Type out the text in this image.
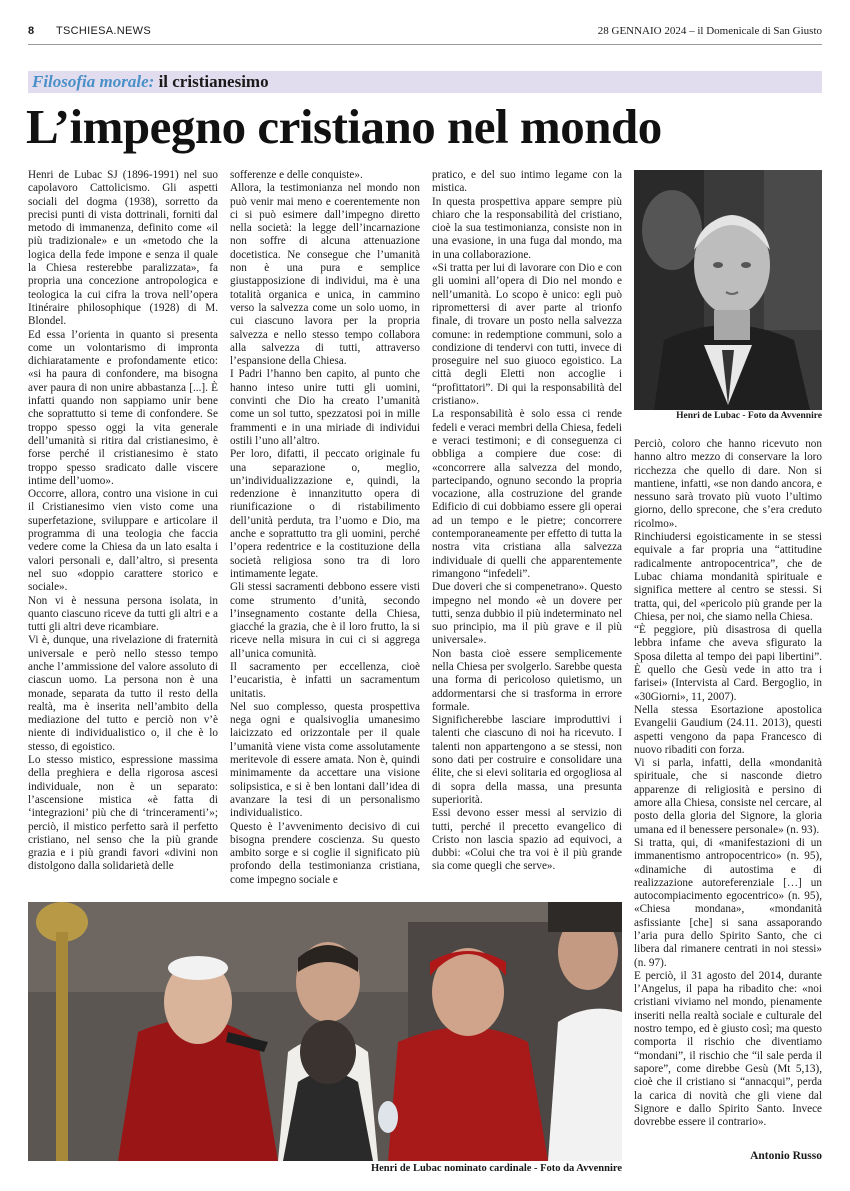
8 TSCHIESA.NEWS	28 GENNAIO 2024 – il Domenicale di San Giusto
Filosofia morale: il cristianesimo
L’impegno cristiano nel mondo

Henri de Lubac SJ (1896-1991) nel suo capolavoro Cattolicismo. Gli aspetti sociali del dogma (1938), sorretto da precisi punti di vista dottrinali, forniti dal metodo di immanenza, definito come «il più tradizionale» e un «metodo che la logica della fede impone e senza il quale la Chiesa resterebbe paralizzata», fa propria una concezione antropologica e teologica la cui cifra la trova nell’opera Itinéraire philosophique (1928) di M. Blondel.

Ed essa l’orienta in quanto si presenta come un volontarismo di impronta dichiaratamente e profondamente etico: «si ha paura di confondere, ma bisogna aver paura di non unire abbastanza [...]. È infatti quando non sappiamo unir bene che soprattutto si teme di confondere. Se troppo spesso oggi la vita generale dell’umanità si ritira dal cristianesimo, è forse perché il cristianesimo è stato troppo spesso sradicato dalle viscere intime dell’uomo».

Occorre, allora, contro una visione in cui il Cristianesimo vien visto come una superfetazione, sviluppare e articolare il programma di una teologia che faccia vedere come la Chiesa da un lato esalta i valori personali e, dall’altro, si presenta nel suo «doppio carattere storico e sociale».

Non vi è nessuna persona isolata, in quanto ciascuno riceve da tutti gli altri e a tutti gli altri deve ricambiare.

Vi è, dunque, una rivelazione di fraternità universale e però nello stesso tempo anche l’ammissione del valore assoluto di ciascun uomo. La persona non è una monade, separata da tutto il resto della realtà, ma è inserita nell’ambito della mediazione del tutto e perciò non v’è niente di individualistico o, il che è lo stesso, di egoistico.

Lo stesso mistico, espressione massima della preghiera e della rigorosa ascesi individuale, non è un separato: l’ascensione mistica «è fatta di ‘integrazioni’ più che di ‘trinceramenti’»; perciò, il mistico perfetto sarà il perfetto cristiano, nel senso che la più grande grazia e i più grandi favori «divini non distolgono dalla solidarietà delle

sofferenze e delle conquiste».

Allora, la testimonianza nel mondo non può venir mai meno e coerentemente non ci si può esimere dall’impegno diretto nella società: la legge dell’incarnazione non soffre di alcuna attenuazione docetistica. Ne consegue che l’umanità non è una pura e semplice giustapposizione di individui, ma è una totalità organica e unica, in cammino verso la salvezza come un solo uomo, in cui ciascuno lavora per la propria salvezza e nello stesso tempo collabora alla salvezza di tutti, attraverso l’espansione della Chiesa.

I Padri l’hanno ben capito, al punto che hanno inteso unire tutti gli uomini, convinti che Dio ha creato l’umanità come un sol tutto, spezzatosi poi in mille frammenti e in una miriade di individui ostili l’uno all’altro.

Per loro, difatti, il peccato originale fu una separazione o, meglio, un’individualizzazione e, quindi, la redenzione è innanzitutto opera di riunificazione o di ristabilimento dell’unità perduta, tra l’uomo e Dio, ma anche e soprattutto tra gli uomini, perché l’opera redentrice e la costituzione della società religiosa sono tra di loro intimamente legate.

Gli stessi sacramenti debbono essere visti come strumento d’unità, secondo l’insegnamento costante della Chiesa, giacché la grazia, che è il loro frutto, la si riceve nella misura in cui ci si aggrega all’unica comunità.

Il sacramento per eccellenza, cioè l’eucaristia, è infatti un sacramentum unitatis.

Nel suo complesso, questa prospettiva nega ogni e qualsivoglia umanesimo laicizzato ed orizzontale per il quale l’umanità viene vista come assolutamente meritevole di essere amata. Non è, quindi minimamente da accettare una visione solipsistica, e si è ben lontani dall’idea di avanzare la tesi di un personalismo individualistico.

Questo è l’avvenimento decisivo di cui bisogna prendere coscienza. Su questo ambito sorge e si coglie il significato più profondo della testimonianza cristiana, come impegno sociale e

pratico, e del suo intimo legame con la mistica.

In questa prospettiva appare sempre più chiaro che la responsabilità del cristiano, cioè la sua testimonianza, consiste non in una evasione, in una fuga dal mondo, ma in una collaborazione.

«Si tratta per lui di lavorare con Dio e con gli uomini all’opera di Dio nel mondo e nell’umanità. Lo scopo è unico: egli può ripromettersi di aver parte al trionfo finale, di trovare un posto nella salvezza comune: in redemptione communi, solo a condizione di tendervi con tutti, invece di proseguire nel suo giuoco egoistico. La città degli Eletti non accoglie i “profittatori”. Di qui la responsabilità del cristiano».

La responsabilità è solo essa ci rende fedeli e veraci membri della Chiesa, fedeli e veraci testimoni; e di conseguenza ci obbliga a compiere due cose: di «concorrere alla salvezza del mondo, partecipando, ognuno secondo la propria vocazione, alla costruzione del grande Edificio di cui dobbiamo essere gli operai ad un tempo e le pietre; concorrere contemporaneamente per effetto di tutta la nostra vita cristiana alla salvezza individuale di quelli che apparentemente rimangono “infedeli”.

Due doveri che si compenetrano». Questo impegno nel mondo «è un dovere per tutti, senza dubbio il più indeterminato nel suo principio, ma il più grave e il più universale».

Non basta cioè essere semplicemente nella Chiesa per svolgerlo. Sarebbe questa una forma di pericoloso quietismo, un addormentarsi che si trasforma in errore formale.

Significherebbe lasciare improduttivi i talenti che ciascuno di noi ha ricevuto. I talenti non appartengono a se stessi, non sono dati per costruire e consolidare una élite, che si elevi solitaria ed orgogliosa al di sopra della massa, una presunta superiorità.

Essi devono esser messi al servizio di tutti, perché il precetto evangelico di Cristo non lascia spazio ad equivoci, a dubbi: «Colui che tra voi è il più grande sia come quegli che serve».

Henri de Lubac - Foto da Avvennire

Perciò, coloro che hanno ricevuto non hanno altro mezzo di conservare la loro ricchezza che quello di dare. Non si mantiene, infatti, «se non dando ancora, e nessuno sarà trovato più vuoto l’ultimo giorno, dello sprecone, che s’era creduto ricolmo».

Rinchiudersi egoisticamente in se stessi equivale a far propria una “attitudine radicalmente antropocentrica”, che de Lubac chiama mondanità spirituale e significa mettere al centro se stessi. Si tratta, qui, del «pericolo più grande per la Chiesa, per noi, che siamo nella Chiesa.

“È peggiore, più disastrosa di quella lebbra infame che aveva sfigurato la Sposa diletta al tempo dei papi libertini”. È quello che Gesù vede in atto tra i farisei» (Intervista al Card. Bergoglio, in «30Giorni», 11, 2007).

Nella stessa Esortazione apostolica Evangelii Gaudium (24.11. 2013), questi aspetti vengono da papa Francesco di nuovo ribaditi con forza.

Vi si parla, infatti, della «mondanità spirituale, che si nasconde dietro apparenze di religiosità e persino di amore alla Chiesa, consiste nel cercare, al posto della gloria del Signore, la gloria umana ed il benessere personale» (n. 93).

Si tratta, qui, di «manifestazioni di un immanentismo antropocentrico» (n. 95), «dinamiche di autostima e di realizzazione autoreferenziale […] un autocompiacimento egocentrico» (n. 95), «Chiesa mondana», «mondanità asfissiante [che] si sana assaporando l’aria pura dello Spirito Santo, che ci libera dal rimanere centrati in noi stessi» (n. 97).

E perciò, il 31 agosto del 2014, durante l’Angelus, il papa ha ribadito che: «noi cristiani viviamo nel mondo, pienamente inseriti nella realtà sociale e culturale del nostro tempo, ed è giusto così; ma questo comporta il rischio che diventiamo “mondani”, il rischio che “il sale perda il sapore”, come direbbe Gesù (Mt 5,13), cioè che il cristiano si “annacqui”, perda la carica di novità che gli viene dal Signore e dallo Spirito Santo. Invece dovrebbe essere il contrario».

Henri de Lubac nominato cardinale - Foto da Avvennire
Antonio Russo
